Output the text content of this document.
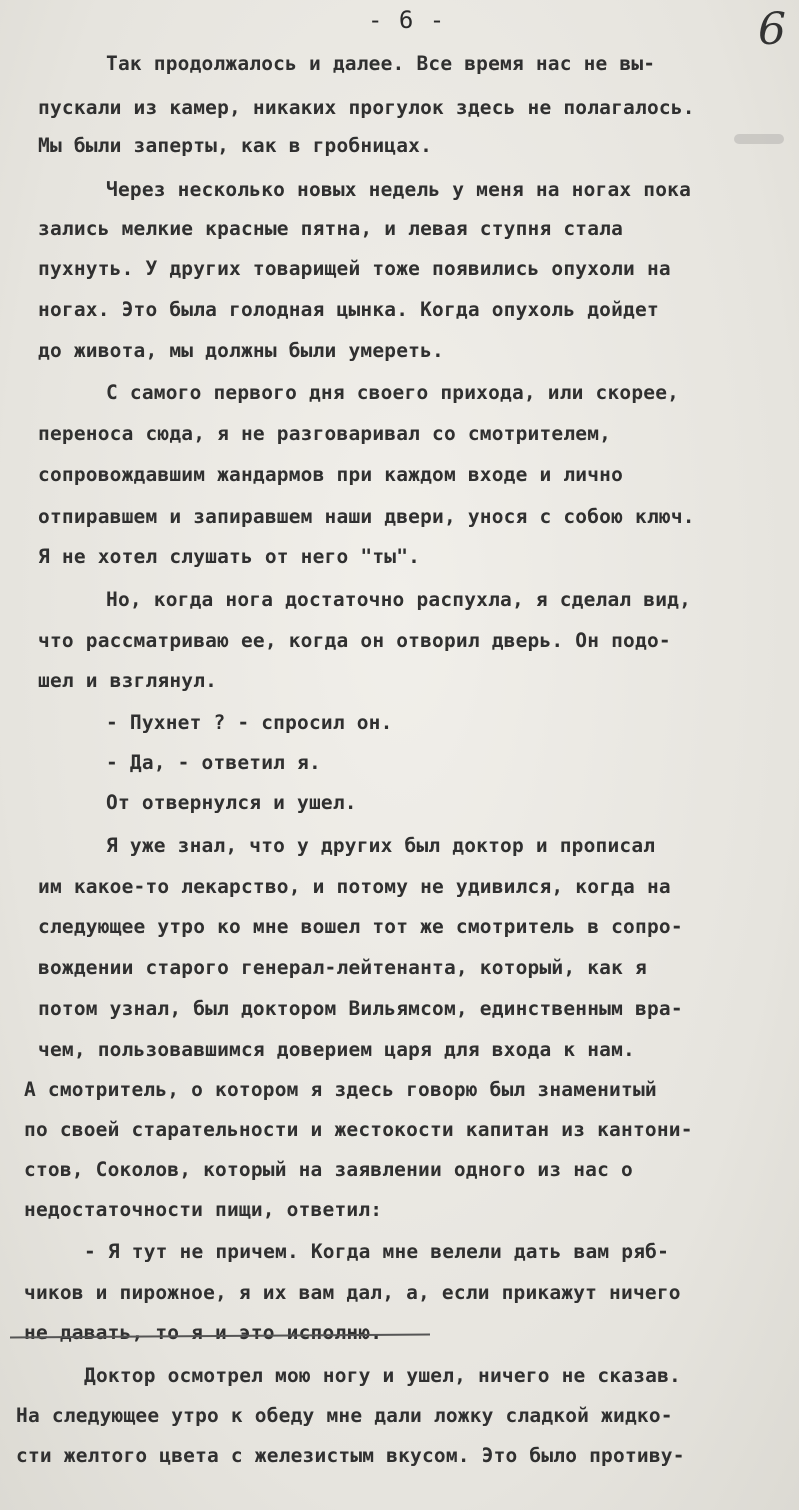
- 6 -	6
Так продолжалось и далее. Все время нас не вы-
пускали из камер, никаких прогулок здесь не полагалось.
Мы были заперты, как в гробницах.
Через несколько новых недель у меня на ногах пока
зались мелкие красные пятна, и левая ступня стала
пухнуть. У других товарищей тоже появились опухоли на
ногах. Это была голодная цынка. Когда опухоль дойдет
до живота, мы должны были умереть.
С самого первого дня своего прихода, или скорее,
переноса сюда, я не разговаривал со смотрителем,
сопровождавшим жандармов при каждом входе и лично
отпиравшем и запиравшем наши двери, унося с собою ключ.
Я не хотел слушать от него "ты".
Но, когда нога достаточно распухла, я сделал вид,
что рассматриваю ее, когда он отворил дверь. Он подо-
шел и взглянул.
- Пухнет ? - спросил он.
- Да, - ответил я.
От отвернулся и ушел.
Я уже знал, что у других был доктор и прописал
им какое-то лекарство, и потому не удивился, когда на
следующее утро ко мне вошел тот же смотритель в сопро-
вождении старого генерал-лейтенанта, который, как я
потом узнал, был доктором Вильямсом, единственным вра-
чем, пользовавшимся доверием царя для входа к нам.
А смотритель, о котором я здесь говорю был знаменитый
по своей старательности и жестокости капитан из кантони-
стов, Соколов, который на заявлении одного из нас о
недостаточности пищи, ответил:
- Я тут не причем. Когда мне велели дать вам ряб-
чиков и пирожное, я их вам дал, а, если прикажут ничего
не давать, то я и это исполню.
Доктор осмотрел мою ногу и ушел, ничего не сказав.
На следующее утро к обеду мне дали ложку сладкой жидко-
сти желтого цвета с железистым вкусом. Это было противу-
